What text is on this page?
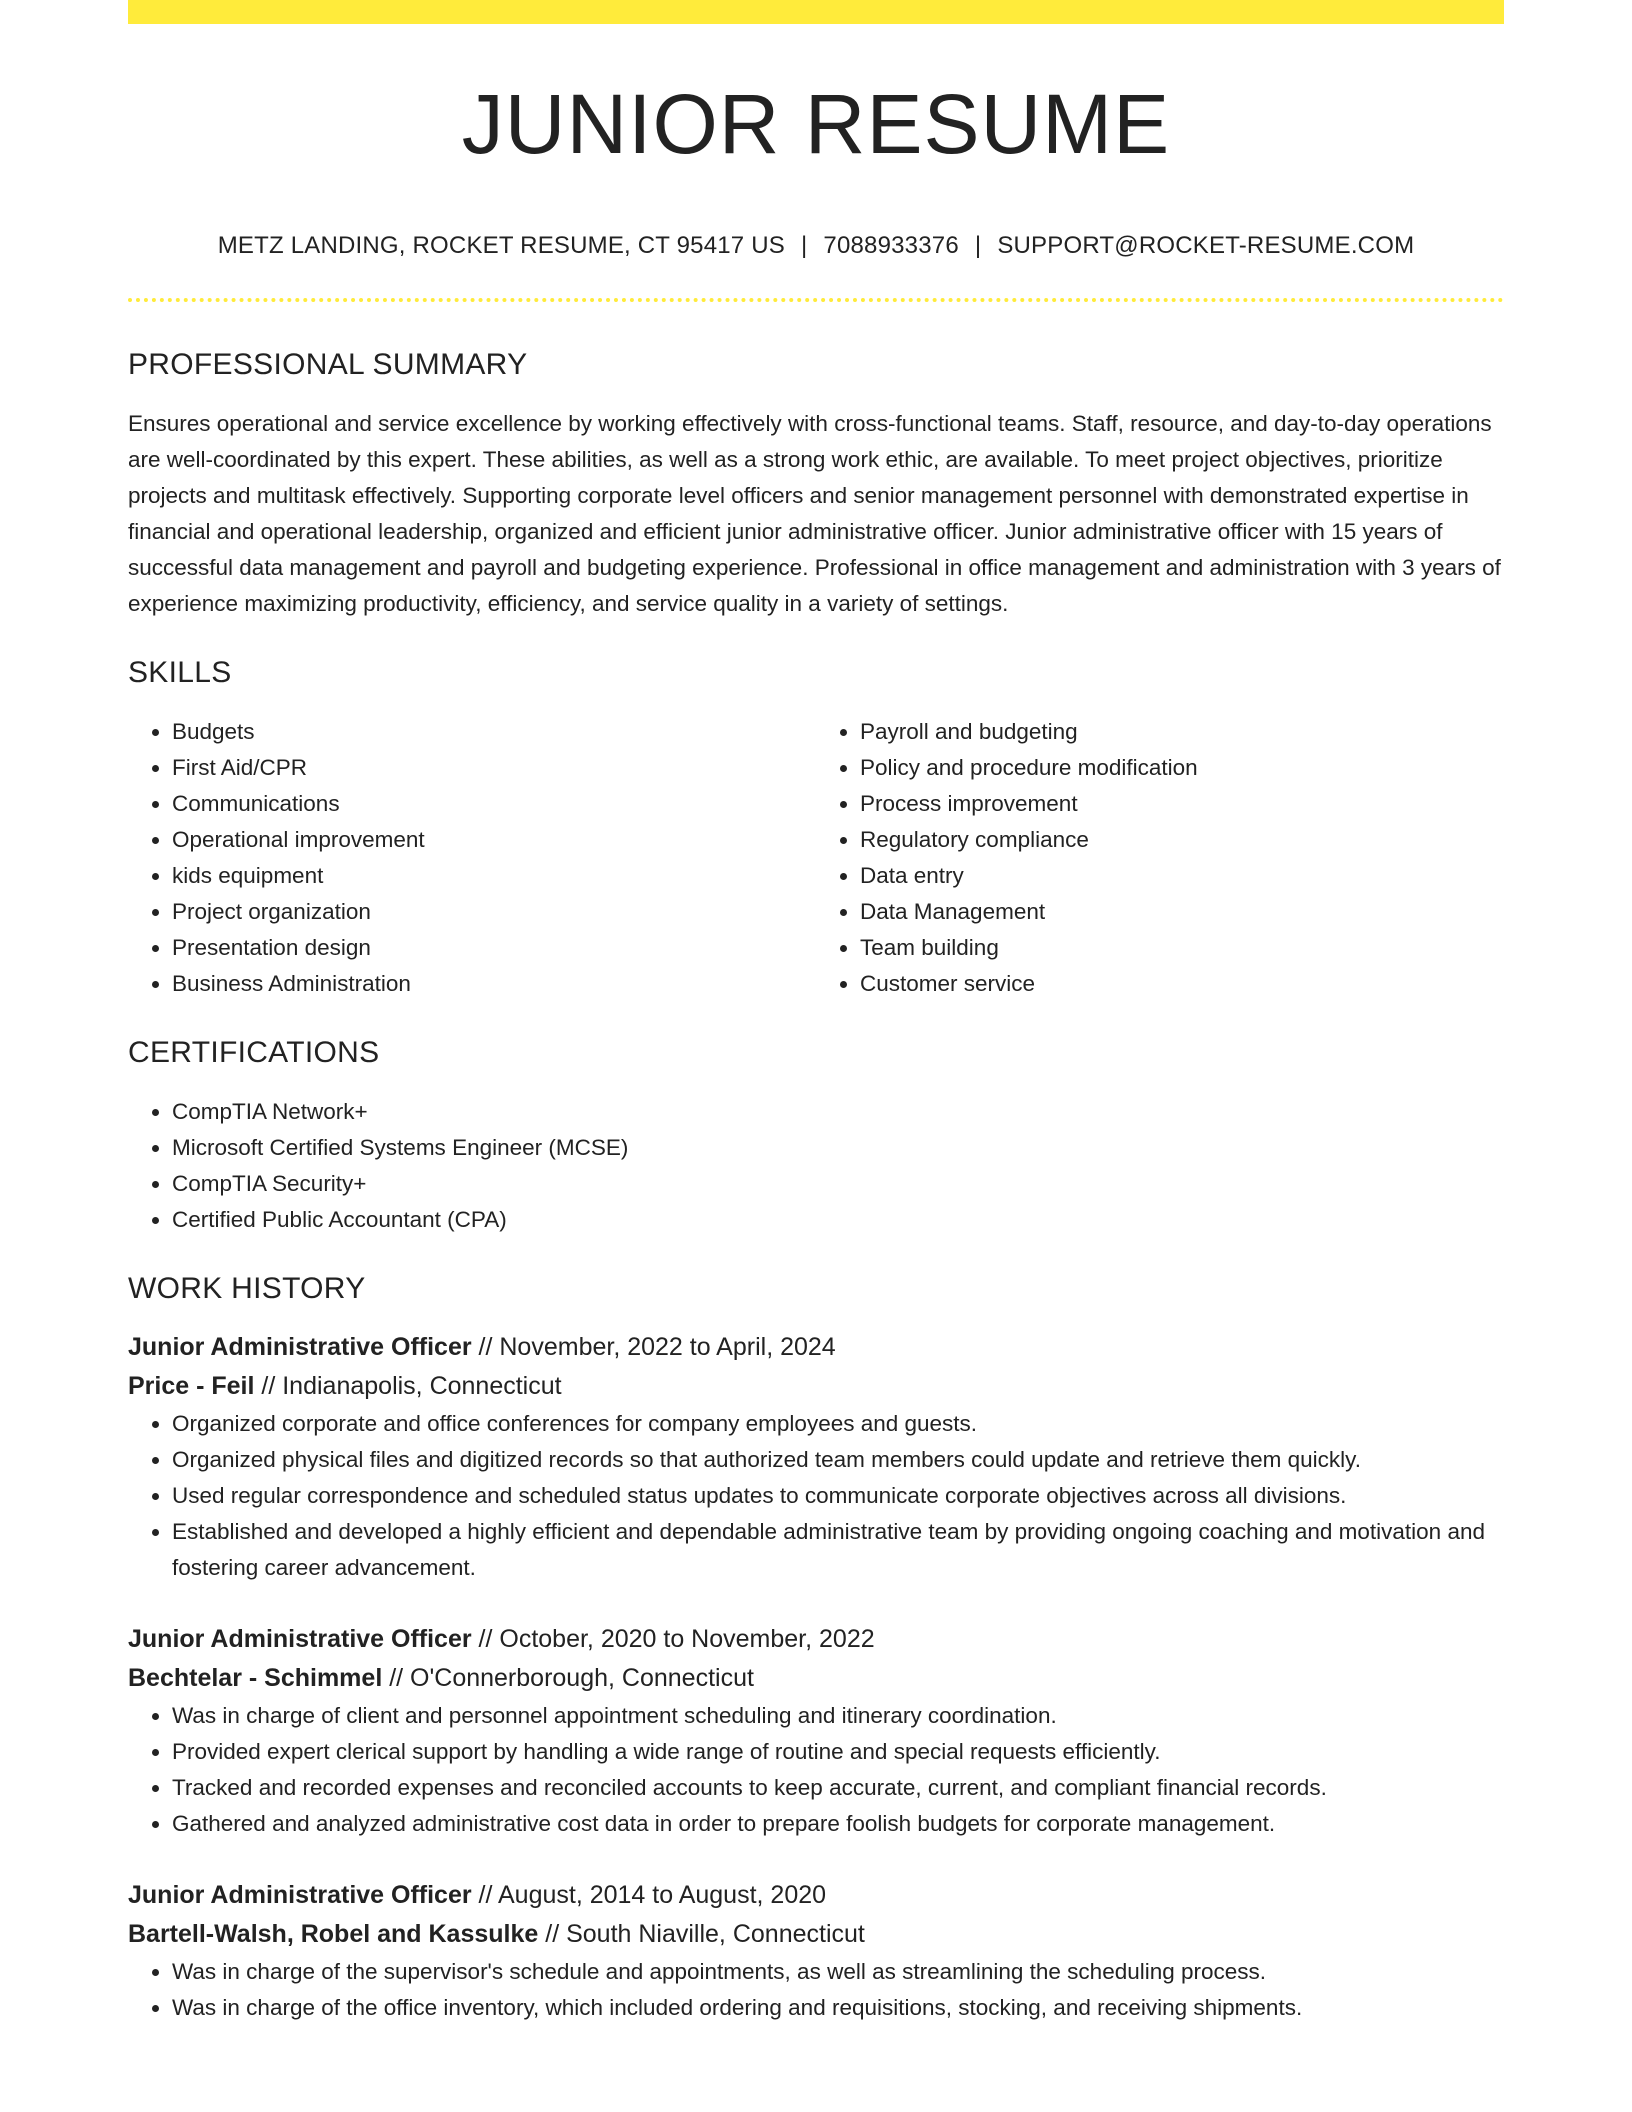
JUNIOR RESUME
METZ LANDING, ROCKET RESUME, CT 95417 US | 7088933376 | SUPPORT@ROCKET-RESUME.COM
PROFESSIONAL SUMMARY

Ensures operational and service excellence by working effectively with cross-functional teams. Staff, resource, and day-to-day operations are well-coordinated by this expert. These abilities, as well as a strong work ethic, are available. To meet project objectives, prioritize projects and multitask effectively. Supporting corporate level officers and senior management personnel with demonstrated expertise in financial and operational leadership, organized and efficient junior administrative officer. Junior administrative officer with 15 years of successful data management and payroll and budgeting experience. Professional in office management and administration with 3 years of experience maximizing productivity, efficiency, and service quality in a variety of settings.

SKILLS
• Budgets
• First Aid/CPR
• Communications
• Operational improvement
• kids equipment
• Project organization
• Presentation design
• Business Administration
• Payroll and budgeting
• Policy and procedure modification
• Process improvement
• Regulatory compliance
• Data entry
• Data Management
• Team building
• Customer service
CERTIFICATIONS
• CompTIA Network+
• Microsoft Certified Systems Engineer (MCSE)
• CompTIA Security+
• Certified Public Accountant (CPA)
WORK HISTORY
Junior Administrative Officer // November, 2022 to April, 2024
Price - Feil // Indianapolis, Connecticut
• Organized corporate and office conferences for company employees and guests.
• Organized physical files and digitized records so that authorized team members could update and retrieve them quickly.
• Used regular correspondence and scheduled status updates to communicate corporate objectives across all divisions.
• Established and developed a highly efficient and dependable administrative team by providing ongoing coaching and motivation and fostering career advancement.
Junior Administrative Officer // October, 2020 to November, 2022
Bechtelar - Schimmel // O'Connerborough, Connecticut
• Was in charge of client and personnel appointment scheduling and itinerary coordination.
• Provided expert clerical support by handling a wide range of routine and special requests efficiently.
• Tracked and recorded expenses and reconciled accounts to keep accurate, current, and compliant financial records.
• Gathered and analyzed administrative cost data in order to prepare foolish budgets for corporate management.
Junior Administrative Officer // August, 2014 to August, 2020
Bartell-Walsh, Robel and Kassulke // South Niaville, Connecticut
• Was in charge of the supervisor's schedule and appointments, as well as streamlining the scheduling process.
• Was in charge of the office inventory, which included ordering and requisitions, stocking, and receiving shipments.
